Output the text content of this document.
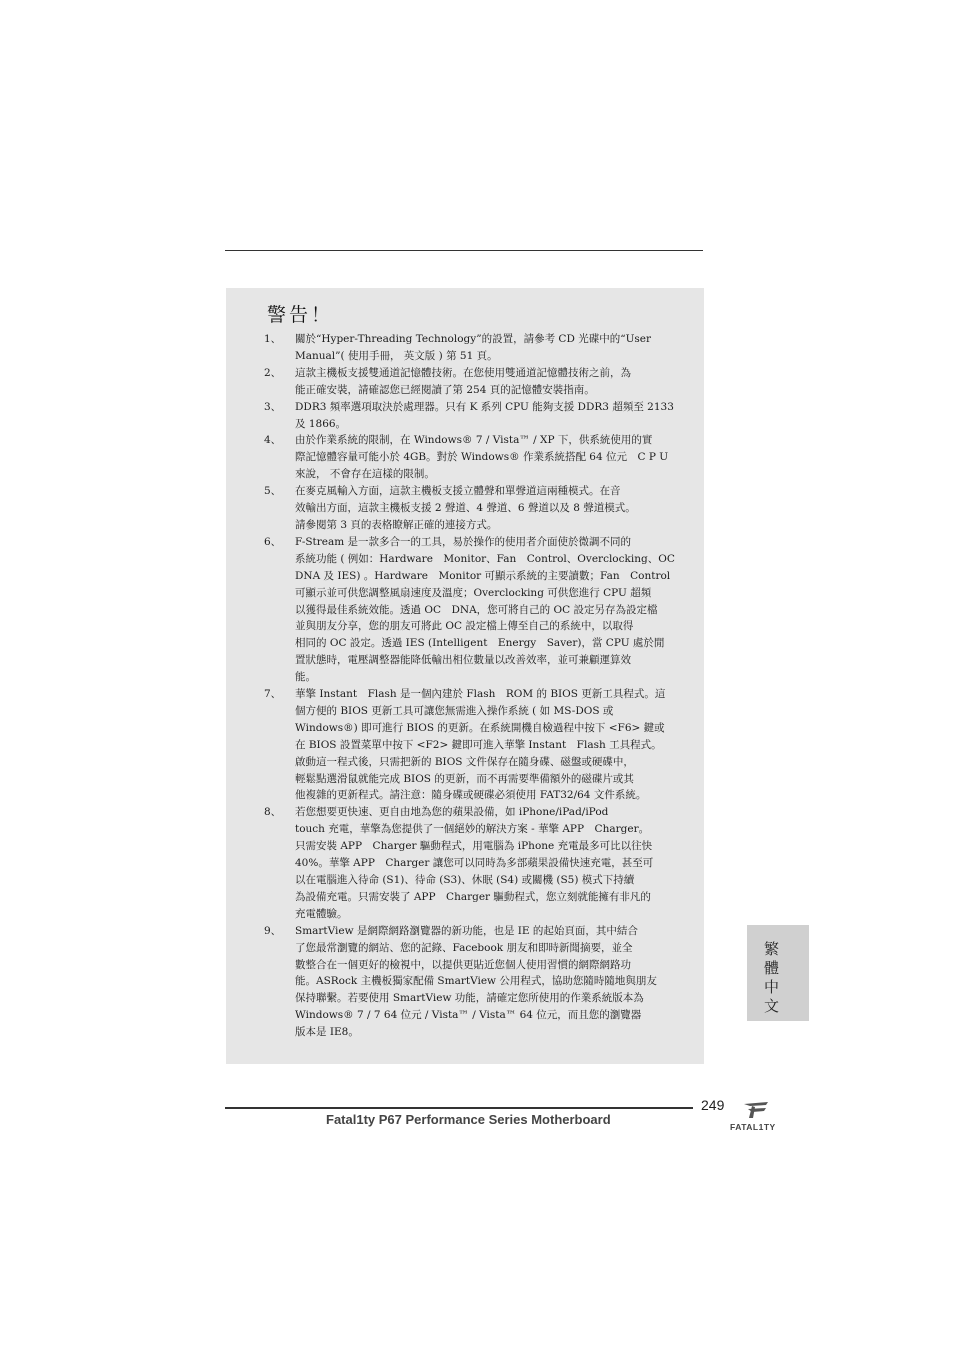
警告！
1、 關於“Hyper-Threading Technology”的設置，請參考 CD 光碟中的“User

Manual”( 使用手冊， 英文版 ) 第 51 頁。

2、 這款主機板支援雙通道記憶體技術。在您使用雙通道記憶體技術之前，為

能正確安裝，請確認您已經閱讀了第 254 頁的記憶體安裝指南。

3、 DDR3 頻率選項取決於處理器。只有 K 系列 CPU 能夠支援 DDR3 超頻至 2133

及 1866。

4、 由於作業系統的限制，在 Windows® 7 / Vista™ / XP 下，供系統使用的實

際記憶體容量可能小於 4GB。對於 Windows® 作業系統搭配 64 位元　C P U

來說， 不會存在這樣的限制。

5、 在麥克風輸入方面，這款主機板支援立體聲和單聲道這兩種模式。在音

效輸出方面，這款主機板支援 2 聲道、4 聲道、6 聲道以及 8 聲道模式。

請參閱第 3 頁的表格瞭解正確的連接方式。

6、 F-Stream 是一款多合一的工具，易於操作的使用者介面使於微調不同的

系統功能 ( 例如：Hardware　Monitor、Fan　Control、Overclocking、OC

DNA 及 IES) 。Hardware　Monitor 可顯示系統的主要讀數；Fan　Control

可顯示並可供您調整風扇速度及溫度；Overclocking 可供您進行 CPU 超頻

以獲得最佳系統效能。透過 OC　DNA，您可將自己的 OC 設定另存為設定檔

並與朋友分享，您的朋友可將此 OC 設定檔上傳至自己的系統中，以取得

相同的 OC 設定。透過 IES (Intelligent　Energy　Saver)，當 CPU 處於閒

置狀態時，電壓調整器能降低輸出相位數量以改善效率，並可兼顧運算效

能。

7、 華擎 Instant　Flash 是一個內建於 Flash　ROM 的 BIOS 更新工具程式。這

個方便的 BIOS 更新工具可讓您無需進入操作系統 ( 如 MS-DOS 或

Windows®) 即可進行 BIOS 的更新。在系統開機自檢過程中按下 <F6> 鍵或

在 BIOS 設置菜單中按下 <F2> 鍵即可進入華擎 Instant　Flash 工具程式。

啟動這一程式後，只需把新的 BIOS 文件保存在隨身碟、磁盤或硬碟中，

輕鬆點選滑鼠就能完成 BIOS 的更新，而不再需要準備額外的磁碟片或其

他複雜的更新程式。請注意：隨身碟或硬碟必須使用 FAT32/64 文件系統。

8、 若您想要更快速、更自由地為您的蘋果設備，如 iPhone/iPad/iPod

touch 充電，華擎為您提供了一個絕妙的解決方案 - 華擎 APP　Charger。

只需安裝 APP　Charger 驅動程式，用電腦為 iPhone 充電最多可比以往快

40%。華擎 APP　Charger 讓您可以同時為多部蘋果設備快速充電，甚至可

以在電腦進入待命 (S1)、待命 (S3)、休眠 (S4) 或關機 (S5) 模式下持續

為設備充電。只需安裝了 APP　Charger 驅動程式，您立刻就能擁有非凡的

充電體驗。

9、 SmartView 是網際網路瀏覽器的新功能，也是 IE 的起始頁面，其中結合

了您最常瀏覽的網站、您的記錄、Facebook 朋友和即時新聞摘要，並全

數整合在一個更好的檢視中，以提供更貼近您個人使用習慣的網際網路功

能。ASRock 主機板獨家配備 SmartView 公用程式，協助您隨時隨地與朋友

保持聯繫。若要使用 SmartView 功能，請確定您所使用的作業系統版本為

Windows® 7 / 7 64 位元 / Vista™ / Vista™ 64 位元，而且您的瀏覽器

版本是 IE8。

繁體中文
Fatal1ty P67 Performance Series Motherboard
249
FATAL1TY
